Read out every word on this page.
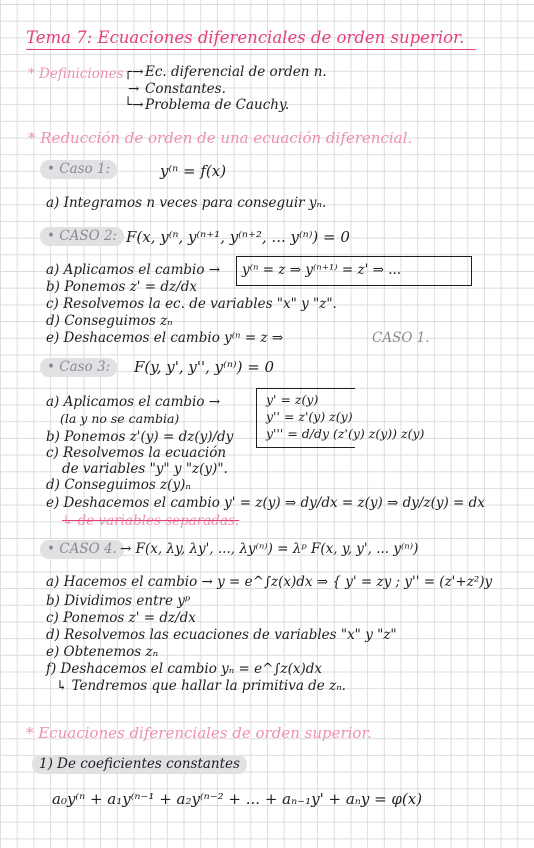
Tema 7: Ecuaciones diferenciales de orden superior.
* Definiciones ┌→ Ec. diferencial de orden n.
→ Constantes.
└→ Problema de Cauchy.
* Reducción de orden de una ecuación diferencial.
• Caso 1:	y⁽ⁿ = f(x)
a) Integramos n veces para conseguir yₙ.
• CASO 2: F(x, y⁽ⁿ, y⁽ⁿ⁺¹, y⁽ⁿ⁺², ... y⁽ⁿ⁾) = 0
a) Aplicamos el cambio → y⁽ⁿ = z ⇒ y⁽ⁿ⁺¹⁾ = z' ⇒ ...
b) Ponemos z' = dz/dx
c) Resolvemos la ec. de variables "x" y "z".
d) Conseguimos zₙ
e) Deshacemos el cambio y⁽ⁿ = z ⇒	CASO 1.
• Caso 3:	F(y, y', y'', y⁽ⁿ⁾) = 0
a) Aplicamos el cambio →
(la y no se cambia)
y' = z(y)
y'' = z'(y) z(y)
y''' = d/dy (z'(y) z(y)) z(y)
b) Ponemos z'(y) = dz(y)/dy
c) Resolvemos la ecuación
de variables "y" y "z(y)".
d) Conseguimos z(y)ₙ
e) Deshacemos el cambio y' = z(y) ⇒ dy/dx = z(y) ⇒ dy/z(y) = dx
↳ de variables separadas.
• CASO 4. → F(x, λy, λy', ..., λy⁽ⁿ⁾) = λᵖ F(x, y, y', ... y⁽ⁿ⁾)
a) Hacemos el cambio → y = e^∫z(x)dx ⇒ { y' = zy ; y'' = (z'+z²)y
b) Dividimos entre yᵖ
c) Ponemos z' = dz/dx
d) Resolvemos las ecuaciones de variables "x" y "z"
e) Obtenemos zₙ
f) Deshacemos el cambio yₙ = e^∫z(x)dx
↳ Tendremos que hallar la primitiva de zₙ.
* Ecuaciones diferenciales de orden superior.
1) De coeficientes constantes
a₀y⁽ⁿ + a₁y⁽ⁿ⁻¹ + a₂y⁽ⁿ⁻² + ... + aₙ₋₁y' + aₙy = φ(x)
